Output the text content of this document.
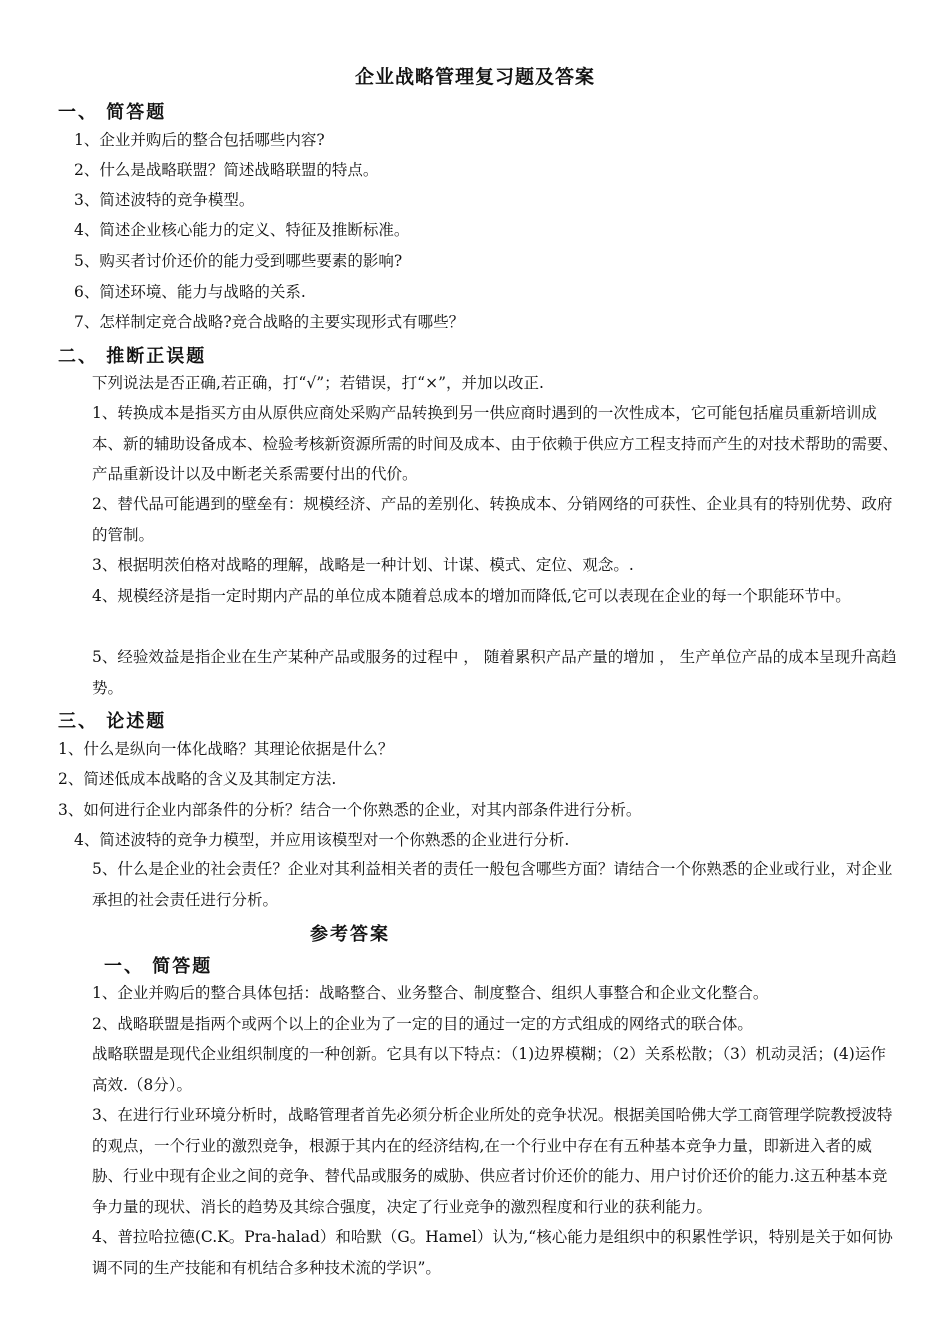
企业战略管理复习题及答案
一、 简答题
1、企业并购后的整合包括哪些内容?
2、什么是战略联盟？简述战略联盟的特点。
3、简述波特的竞争模型。
4、简述企业核心能力的定义、特征及推断标准。
5、购买者讨价还价的能力受到哪些要素的影响?
6、简述环境、能力与战略的关系.
7、怎样制定竞合战略?竞合战略的主要实现形式有哪些？
二、 推断正误题
下列说法是否正确,若正确，打“√”；若错误，打“×”，并加以改正.
1、转换成本是指买方由从原供应商处采购产品转换到另一供应商时遇到的一次性成本，它可能包括雇员重新培训成本、新的辅助设备成本、检验考核新资源所需的时间及成本、由于依赖于供应方工程支持而产生的对技术帮助的需要、产品重新设计以及中断老关系需要付出的代价。
2、替代品可能遇到的壁垒有：规模经济、产品的差别化、转换成本、分销网络的可获性、企业具有的特别优势、政府的管制。
3、根据明茨伯格对战略的理解，战略是一种计划、计谋、模式、定位、观念。.
4、规模经济是指一定时期内产品的单位成本随着总成本的增加而降低,它可以表现在企业的每一个职能环节中。
5、经验效益是指企业在生产某种产品或服务的过程中 ， 随着累积产品产量的增加 ， 生产单位产品的成本呈现升高趋势。
三、 论述题
1、什么是纵向一体化战略？其理论依据是什么？
2、简述低成本战略的含义及其制定方法.
3、如何进行企业内部条件的分析？结合一个你熟悉的企业，对其内部条件进行分析。
4、简述波特的竞争力模型，并应用该模型对一个你熟悉的企业进行分析.
5、什么是企业的社会责任？企业对其利益相关者的责任一般包含哪些方面？请结合一个你熟悉的企业或行业，对企业承担的社会责任进行分析。
参考答案
一、 简答题
1、企业并购后的整合具体包括：战略整合、业务整合、制度整合、组织人事整合和企业文化整合。
2、战略联盟是指两个或两个以上的企业为了一定的目的通过一定的方式组成的网络式的联合体。
战略联盟是现代企业组织制度的一种创新。它具有以下特点：（1)边界模糊；（2）关系松散；（3）机动灵活；(4)运作高效.（8分）。
3、在进行行业环境分析时，战略管理者首先必须分析企业所处的竞争状况。根据美国哈佛大学工商管理学院教授波特的观点，一个行业的激烈竞争，根源于其内在的经济结构,在一个行业中存在有五种基本竞争力量，即新进入者的威胁、行业中现有企业之间的竞争、替代品或服务的威胁、供应者讨价还价的能力、用户讨价还价的能力.这五种基本竞争力量的现状、消长的趋势及其综合强度，决定了行业竞争的激烈程度和行业的获利能力。
4、普拉哈拉德(C.K。Pra-halad）和哈默（G。Hamel）认为,“核心能力是组织中的积累性学识，特别是关于如何协调不同的生产技能和有机结合多种技术流的学识”。
